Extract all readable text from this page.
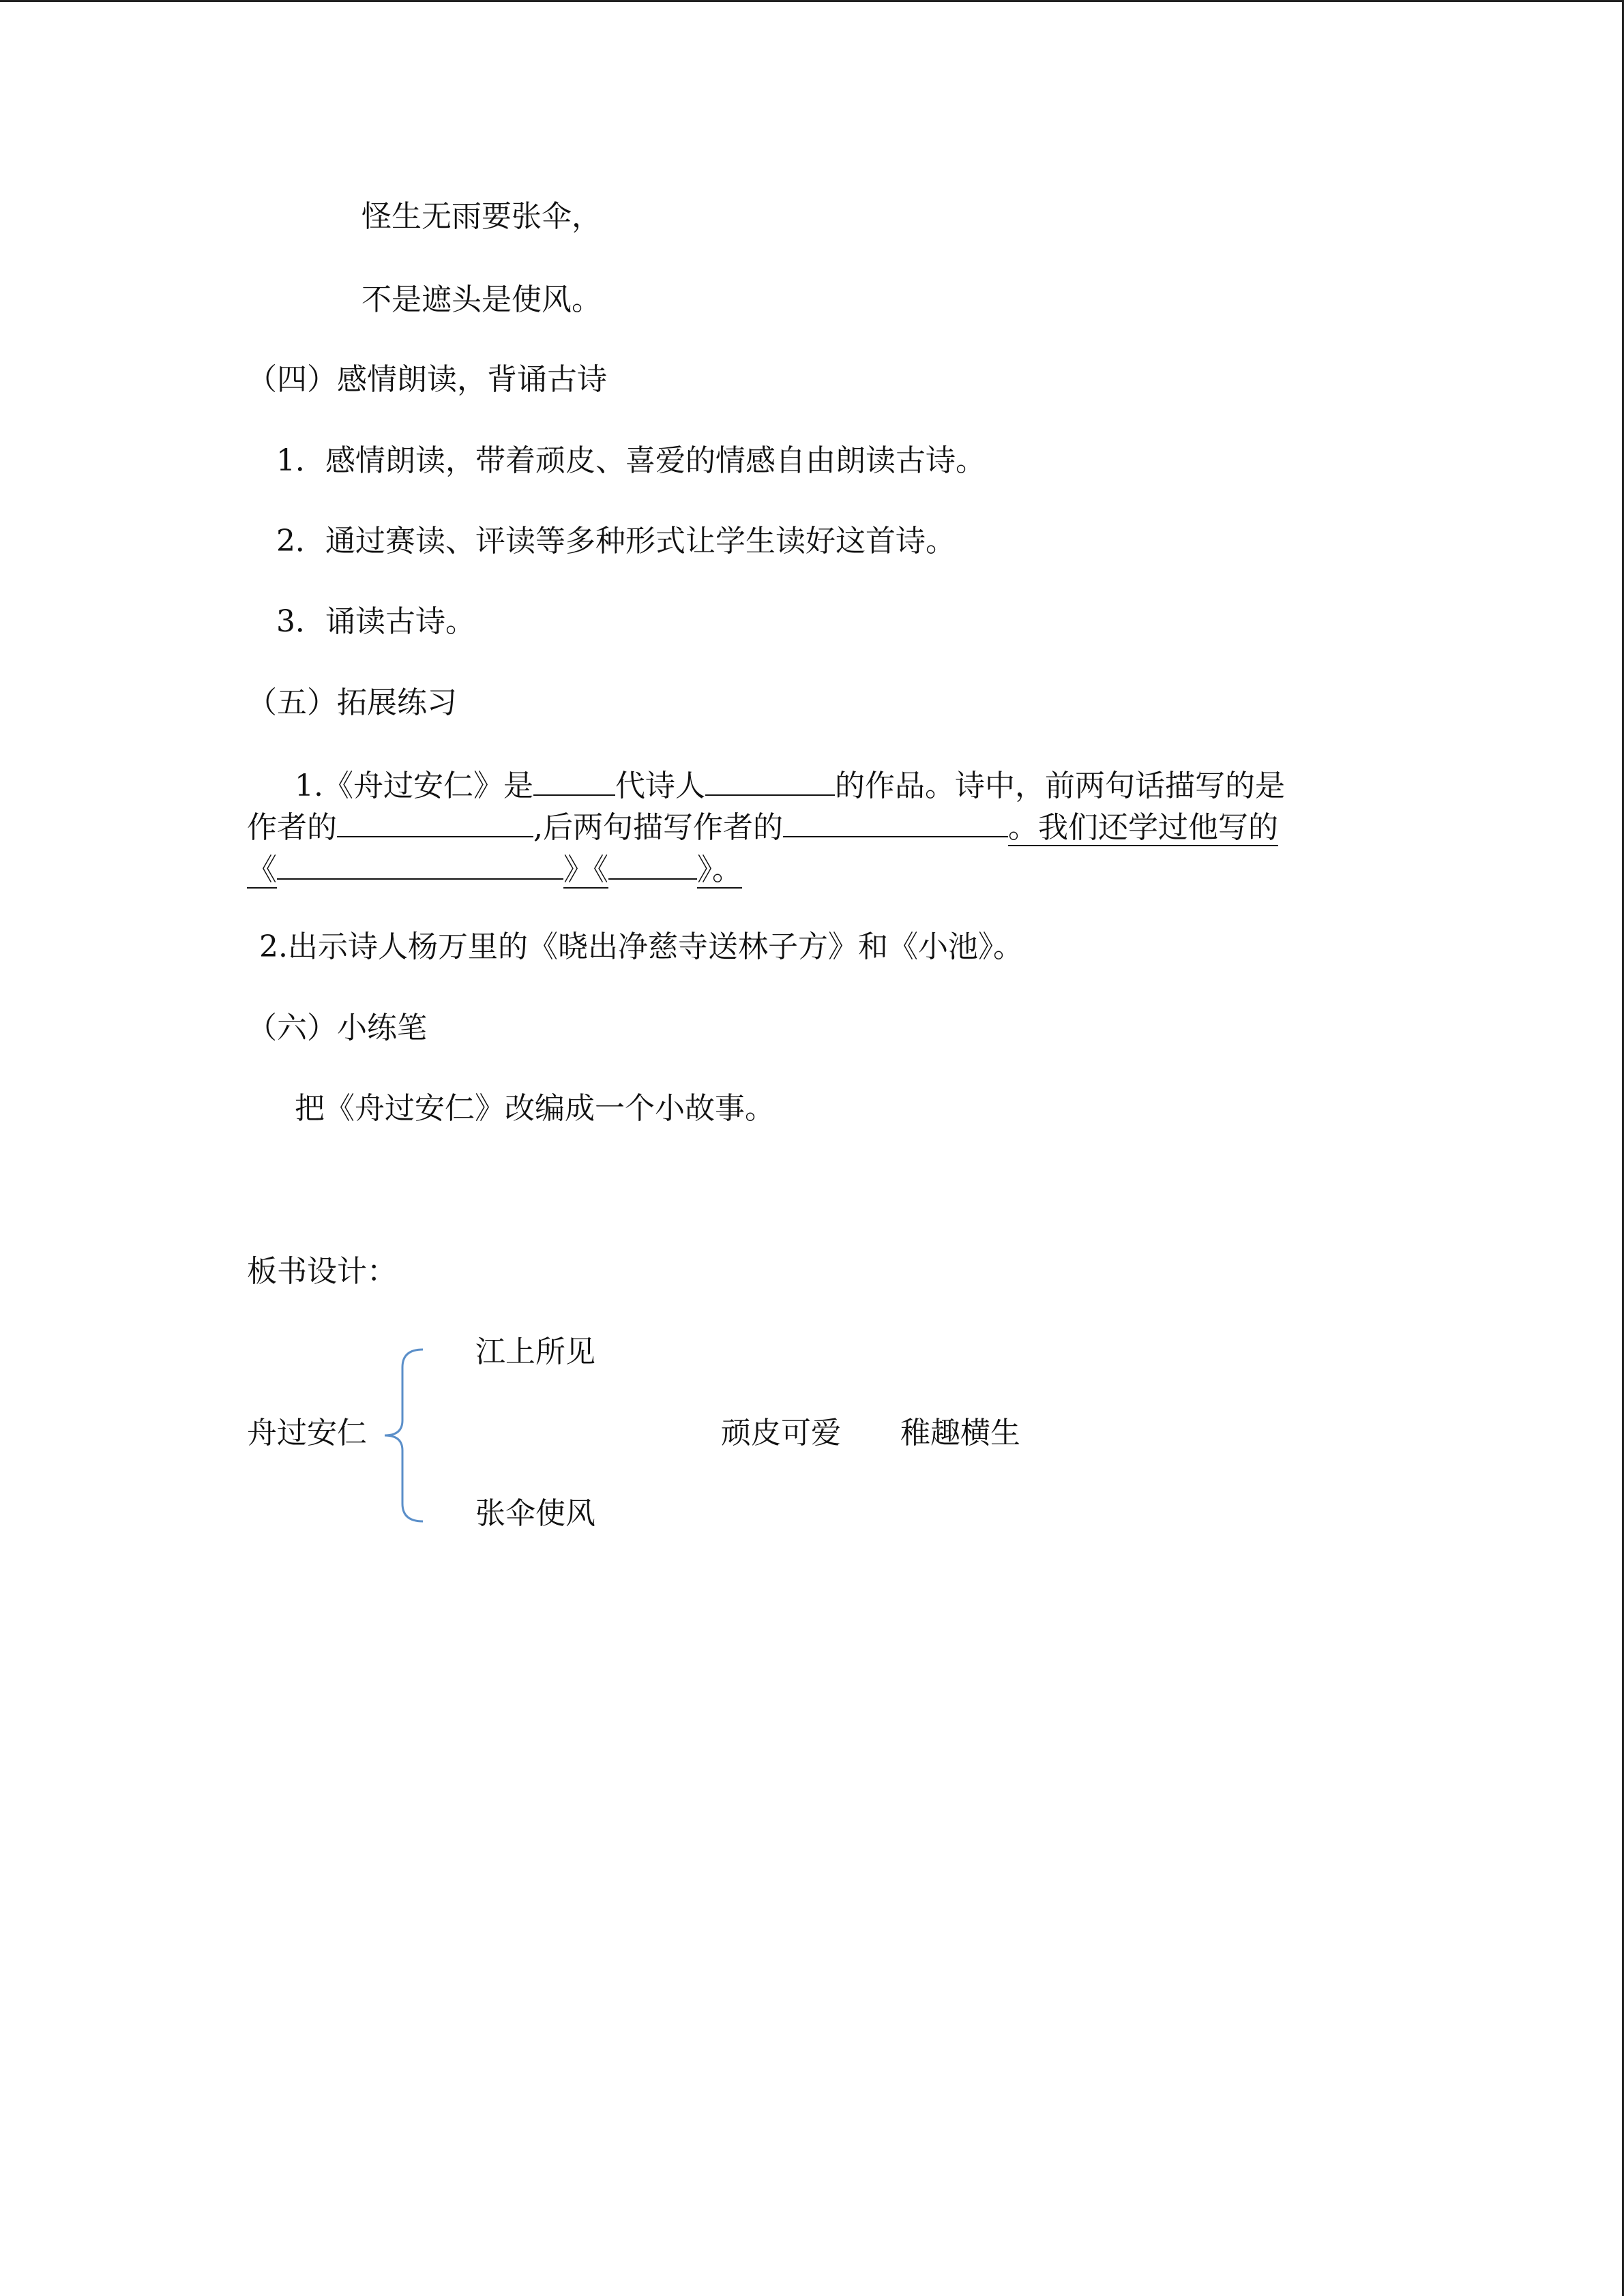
怪生无雨要张伞，
不是遮头是使风。
（四）感情朗读，背诵古诗
1．感情朗读，带着顽皮、喜爱的情感自由朗读古诗。
2．通过赛读、评读等多种形式让学生读好这首诗。
3．诵读古诗。
（五）拓展练习
1.《舟过安仁》是	代诗人	的作品。诗中，前两句话描写的是
作者的	,后两句描写作者的	。我们还学过他写的
《	》《	》。
2.出示诗人杨万里的《晓出净慈寺送林子方》和《小池》。
（六）小练笔
把《舟过安仁》改编成一个小故事。
板书设计：
江上所见
舟过安仁	顽皮可爱 稚趣横生
张伞使风
